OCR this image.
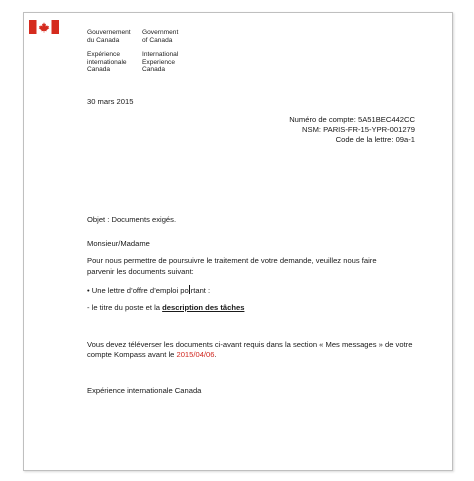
Gouvernement
du Canada
Government
of Canada
Expérience
internationale
Canada
International
Experience
Canada
30 mars 2015
Numéro de compte: 5A51BEC442CC
NSM: PARIS-FR-15-YPR-001279
Code de la lettre: 09a-1
Objet : Documents exigés.
Monsieur/Madame
Pour nous permettre de poursuivre le traitement de votre demande, veuillez nous faire
parvenir les documents suivant:
• Une lettre d’offre d’emploi po rtant :
- le titre du poste et la description des tâches
Vous devez téléverser les documents ci-avant requis dans la section « Mes messages » de votre
compte Kompass avant le 2015/04/06.
Expérience internationale Canada
